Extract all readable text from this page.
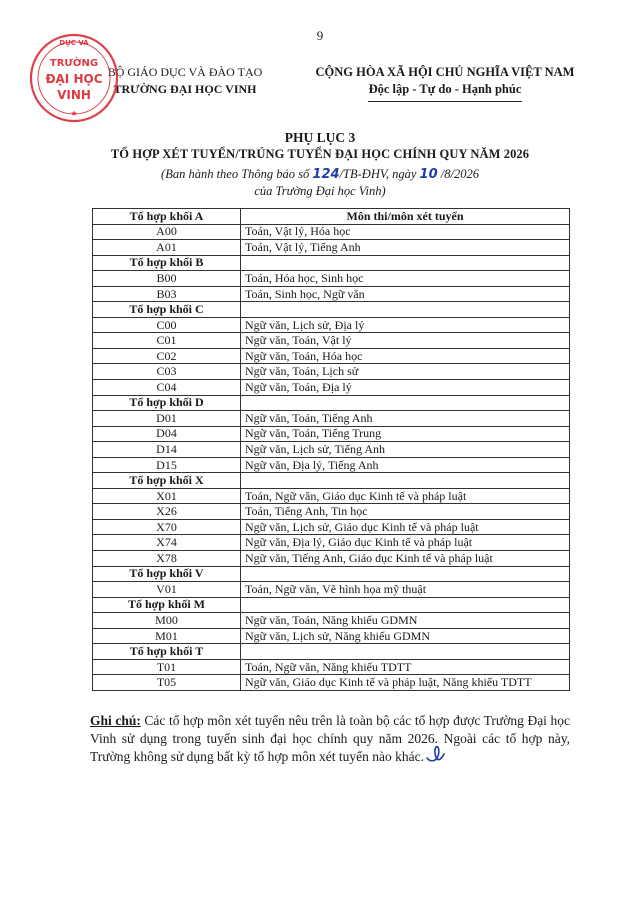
9
BỘ GIÁO DỤC VÀ ĐÀO TẠO
TRƯỜNG ĐẠI HỌC VINH
CỘNG HÒA XÃ HỘI CHỦ NGHĨA VIỆT NAM
Độc lập - Tự do - Hạnh phúc
DỤC VÀ
TRƯỜNG
ĐẠI HỌC
VINH
★
PHỤ LỤC 3
TỔ HỢP XÉT TUYỂN/TRÚNG TUYỂN ĐẠI HỌC CHÍNH QUY NĂM 2026
(Ban hành theo Thông báo số 124/TB-ĐHV, ngày 10 /8/2026
của Trường Đại học Vinh)
Tổ hợp khối A	Môn thi/môn xét tuyển
A00	Toán, Vật lý, Hóa học
A01	Toán, Vật lý, Tiếng Anh
Tổ hợp khối B	
B00	Toán, Hóa học, Sinh học
B03	Toán, Sinh học, Ngữ văn
Tổ hợp khối C	
C00	Ngữ văn, Lịch sử, Địa lý
C01	Ngữ văn, Toán, Vật lý
C02	Ngữ văn, Toán, Hóa học
C03	Ngữ văn, Toán, Lịch sử
C04	Ngữ văn, Toán, Địa lý
Tổ hợp khối D	
D01	Ngữ văn, Toán, Tiếng Anh
D04	Ngữ văn, Toán, Tiếng Trung
D14	Ngữ văn, Lịch sử, Tiếng Anh
D15	Ngữ văn, Địa lý, Tiếng Anh
Tổ hợp khối X	
X01	Toán, Ngữ văn, Giáo dục Kinh tế và pháp luật
X26	Toán, Tiếng Anh, Tin học
X70	Ngữ văn, Lịch sử, Giáo dục Kinh tế và pháp luật
X74	Ngữ văn, Địa lý, Giáo dục Kinh tế và pháp luật
X78	Ngữ văn, Tiếng Anh, Giáo dục Kinh tế và pháp luật
Tổ hợp khối V	
V01	Toán, Ngữ văn, Vẽ hình họa mỹ thuật
Tổ hợp khối M	
M00	Ngữ văn, Toán, Năng khiếu GDMN
M01	Ngữ văn, Lịch sử, Năng khiếu GDMN
Tổ hợp khối T	
T01	Toán, Ngữ văn, Năng khiếu TDTT
T05	Ngữ văn, Giáo dục Kinh tế và pháp luật, Năng khiếu TDTT
Ghi chú: Các tổ hợp môn xét tuyển nêu trên là toàn bộ các tổ hợp được Trường Đại học Vinh sử dụng trong tuyển sinh đại học chính quy năm 2026. Ngoài các tổ hợp này, Trường không sử dụng bất kỳ tổ hợp môn xét tuyển nào khác.
